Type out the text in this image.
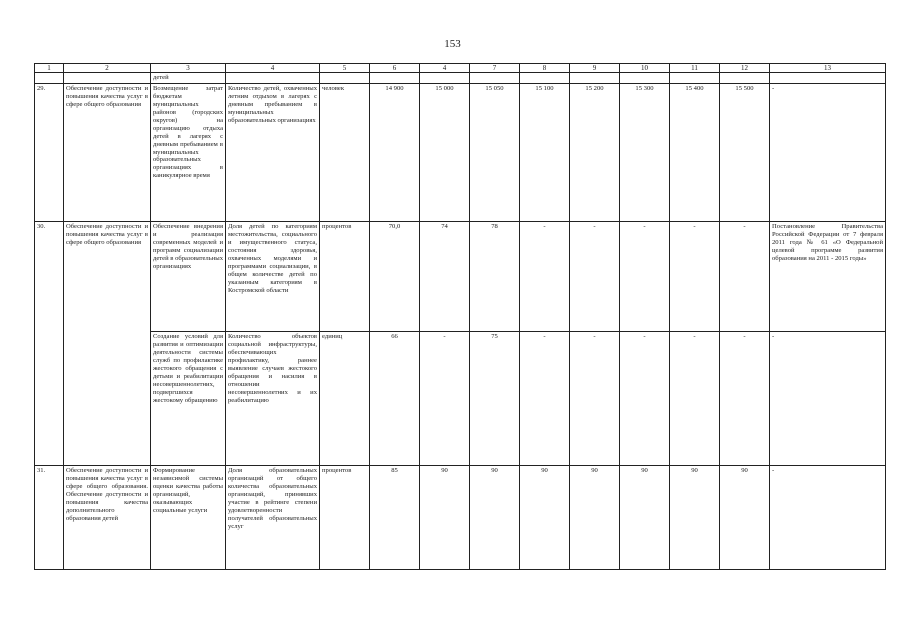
153
1	2	3	4	5	6	4	7	8	9	10	11	12	13
		детей											
29.	Обеспечение доступности и повышения качества услуг в сфере общего образования	Возмещение затрат бюджетам муниципальных районов (городских округов) на организацию отдыха детей в лагерях с дневным пребыванием в муниципальных образовательных организациях в каникулярное время	Количество детей, охваченных летним отдыхом в лагерях с дневным пребыванием в муниципальных образовательных организациях	человек	14 900	15 000	15 050	15 100	15 200	15 300	15 400	15 500	-
30.	Обеспечение доступности и повышения качества услуг в сфере общего образования	Обеспечение внедрения и реализация современных моделей и программ социализации детей в образовательных организациях	Доля детей по категориям местожительства, социального и имущественного статуса, состояния здоровья, охваченных моделями и программами социализации, в общем количестве детей по указанным категориям в Костромской области	процентов	70,0	74	78	-	-	-	-	-	Постановление Правительства Российской Федерации от 7 февраля 2011 года № 61 «О Федеральной целевой программе развития образования на 2011 - 2015 годы»
		Создание условий для развития и оптимизации деятельности системы служб по профилактике жестокого обращения с детьми и реабилитации несовершеннолетних, подвергшихся жестокому обращению	Количество объектов социальной инфраструктуры, обеспечивающих профилактику, раннее выявление случаев жестокого обращения и насилия в отношении несовершеннолетних и их реабилитацию	единиц	66	-	75	-	-	-	-	-	-
31.	Обеспечение доступности и повышения качества услуг в сфере общего образования. Обеспечение доступности и повышения качества дополнительного образования детей	Формирование независимой системы оценки качества работы организаций, оказывающих социальные услуги	Доля образовательных организаций от общего количества образовательных организаций, принявших участие в рейтинге степени удовлетворенности получателей образовательных услуг	процентов	85	90	90	90	90	90	90	90	-
